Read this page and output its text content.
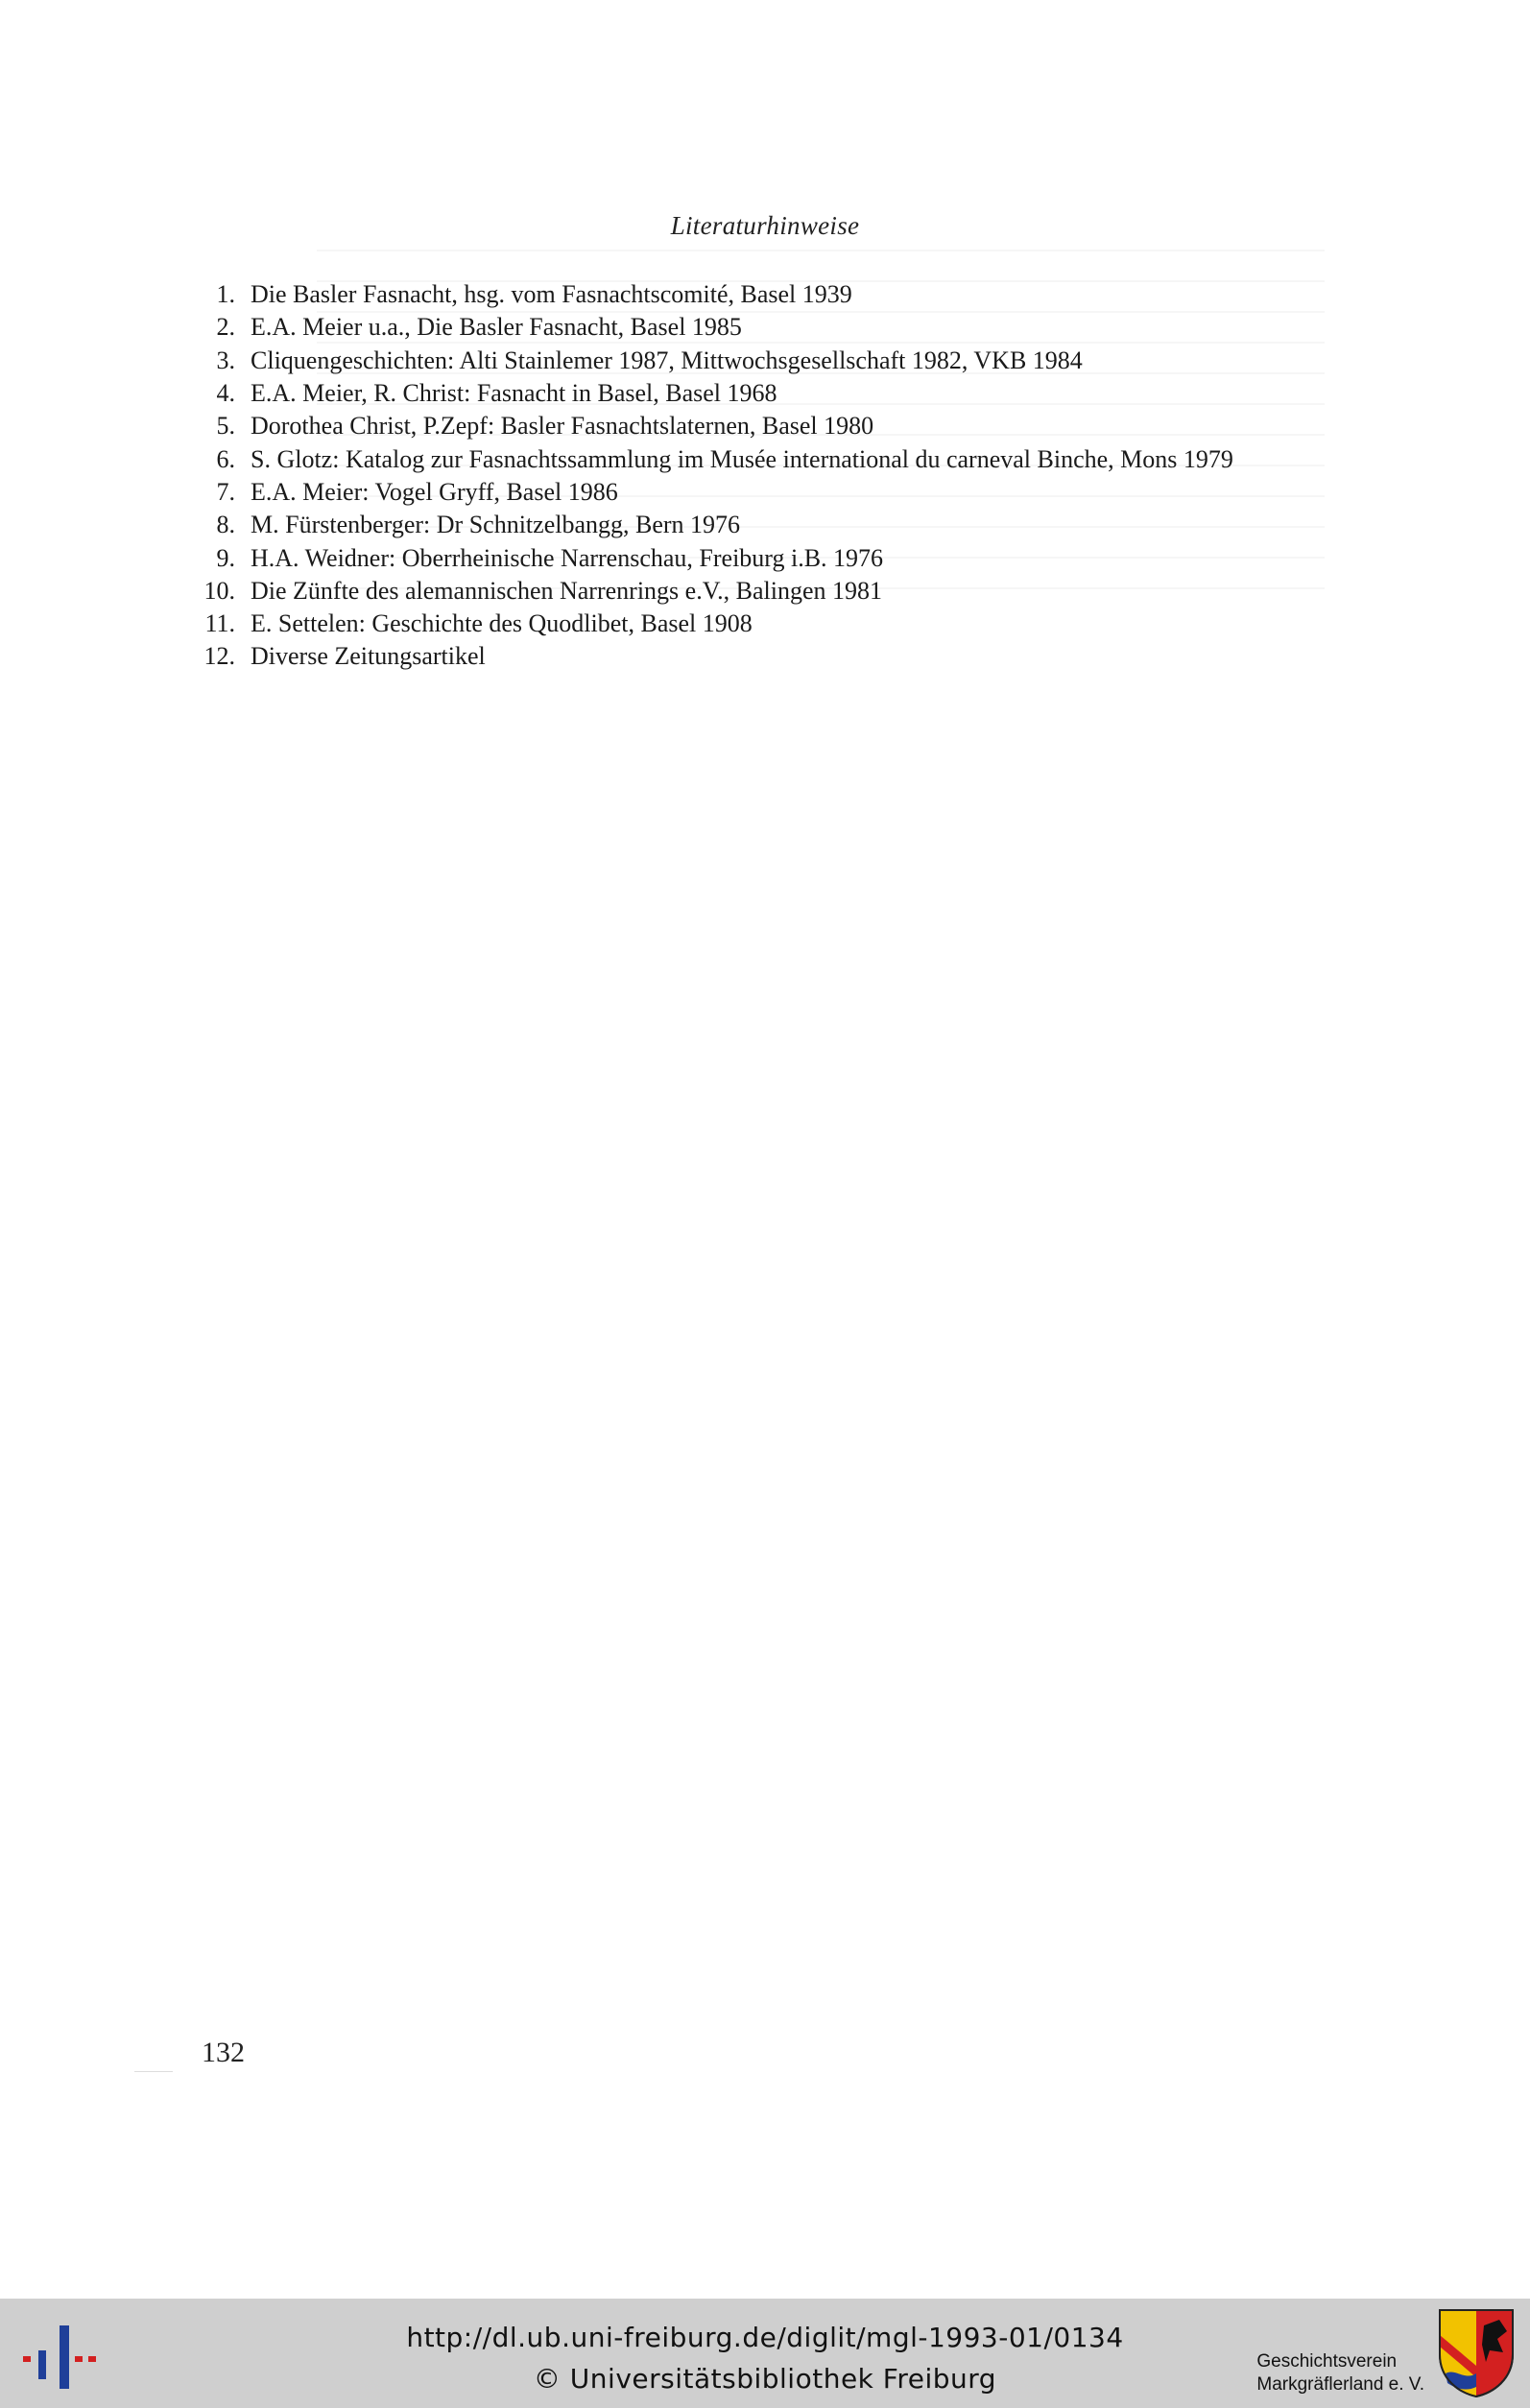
Literaturhinweise
1. Die Basler Fasnacht, hsg. vom Fasnachtscomité, Basel 1939
2. E.A. Meier u.a., Die Basler Fasnacht, Basel 1985
3. Cliquengeschichten: Alti Stainlemer 1987, Mittwochsgesellschaft 1982, VKB 1984
4. E.A. Meier, R. Christ: Fasnacht in Basel, Basel 1968
5. Dorothea Christ, P.Zepf: Basler Fasnachtslaternen, Basel 1980
6. S. Glotz: Katalog zur Fasnachtssammlung im Musée international du carneval Binche, Mons 1979
7. E.A. Meier: Vogel Gryff, Basel 1986
8. M. Fürstenberger: Dr Schnitzelbangg, Bern 1976
9. H.A. Weidner: Oberrheinische Narrenschau, Freiburg i.B. 1976
10. Die Zünfte des alemannischen Narrenrings e.V., Balingen 1981
11. E. Settelen: Geschichte des Quodlibet, Basel 1908
12. Diverse Zeitungsartikel
132
http://dl.ub.uni-freiburg.de/diglit/mgl-1993-01/0134
© Universitätsbibliothek Freiburg
Geschichtsverein
Markgräflerland e. V.
